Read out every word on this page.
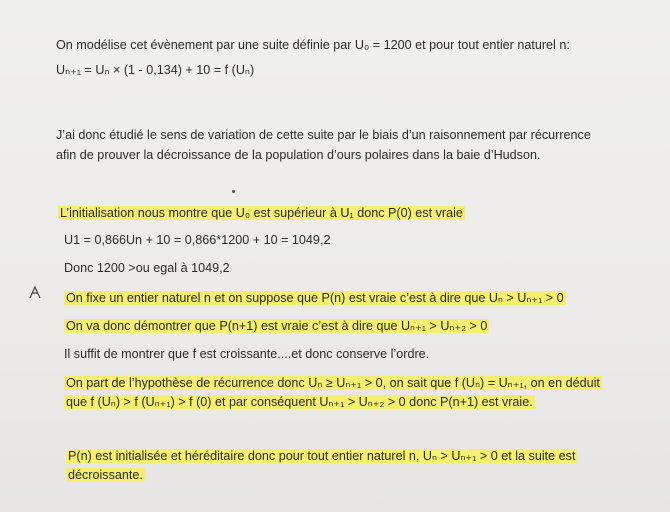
On modélise cet évènement par une suite définie par U₀ = 1200 et pour tout entier naturel n:
Uₙ₊₁ = Uₙ × (1 - 0,134) + 10 = f (Uₙ)
J’ai donc étudié le sens de variation de cette suite par le biais d’un raisonnement par récurrence
afin de prouver la décroissance de la population d’ours polaires dans la baie d’Hudson.
L’initialisation nous montre que U₀ est supérieur à U₁ donc P(0) est vraie
U1 = 0,866Un + 10 = 0,866*1200 + 10 = 1049,2
Donc 1200 >ou egal à 1049,2
On fixe un entier naturel n et on suppose que P(n) est vraie c’est à dire que Uₙ > Uₙ₊₁ > 0
On va donc démontrer que P(n+1) est vraie c’est à dire que Uₙ₊₁ > Uₙ₊₂ > 0
Il suffit de montrer que f est croissante....et donc conserve l’ordre.
On part de l’hypothèse de récurrence donc Uₙ ≥ Uₙ₊₁ > 0, on sait que f (Uₙ) = Uₙ₊₁, on en déduit
que f (Uₙ) > f (Uₙ₊₁) > f (0) et par conséquent Uₙ₊₁ > Uₙ₊₂ > 0 donc P(n+1) est vraie.
P(n) est initialisée et héréditaire donc pour tout entier naturel n, Uₙ > Uₙ₊₁ > 0 et la suite est
décroissante.
